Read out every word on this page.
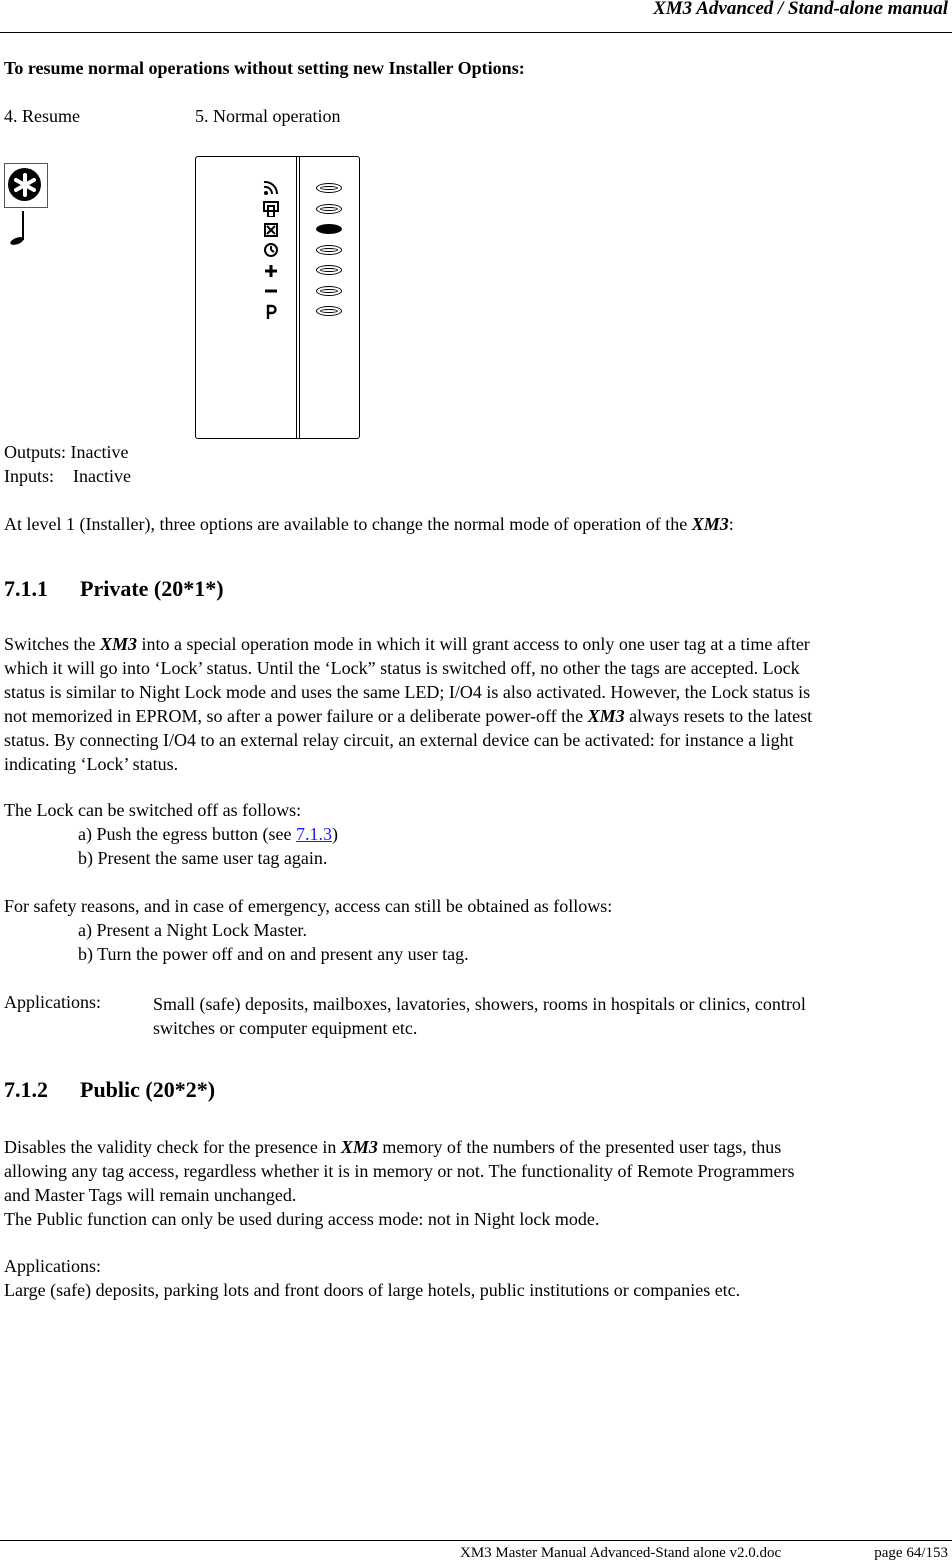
XM3 Advanced / Stand-alone manual
To resume normal operations without setting new Installer Options:
4. Resume	5. Normal operation
Outputs: Inactive
Inputs: Inactive
At level 1 (Installer), three options are available to change the normal mode of operation of the XM3:
7.1.1 Private (20*1*)
Switches the XM3 into a special operation mode in which it will grant access to only one user tag at a time after
which it will go into ‘Lock’ status. Until the ‘Lock” status is switched off, no other the tags are accepted. Lock
status is similar to Night Lock mode and uses the same LED; I/O4 is also activated. However, the Lock status is
not memorized in EPROM, so after a power failure or a deliberate power-off the XM3 always resets to the latest
status. By connecting I/O4 to an external relay circuit, an external device can be activated: for instance a light
indicating ‘Lock’ status.
The Lock can be switched off as follows:
a) Push the egress button (see 7.1.3)
b) Present the same user tag again.
For safety reasons, and in case of emergency, access can still be obtained as follows:
a) Present a Night Lock Master.
b) Turn the power off and on and present any user tag.
Applications:	Small (safe) deposits, mailboxes, lavatories, showers, rooms in hospitals or clinics, control
switches or computer equipment etc.
7.1.2 Public (20*2*)
Disables the validity check for the presence in XM3 memory of the numbers of the presented user tags, thus
allowing any tag access, regardless whether it is in memory or not. The functionality of Remote Programmers
and Master Tags will remain unchanged.
The Public function can only be used during access mode: not in Night lock mode.
Applications:
Large (safe) deposits, parking lots and front doors of large hotels, public institutions or companies etc.
XM3 Master Manual Advanced-Stand alone v2.0.doc	page 64/153
